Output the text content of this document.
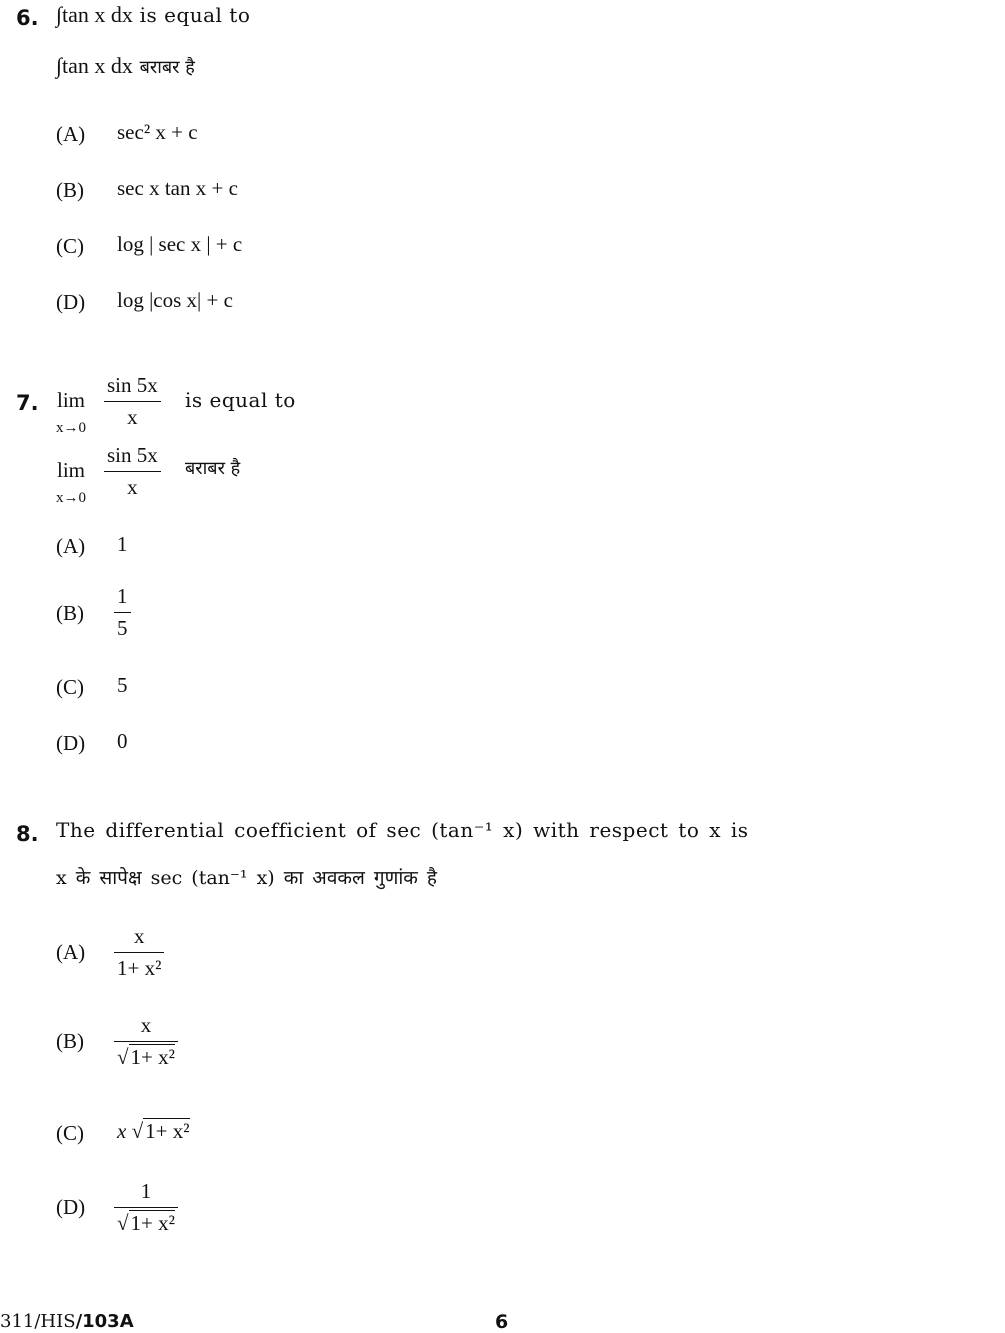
6. ∫tan x dx is equal to
∫tan x dx बराबर है
(A) sec² x + c
(B) sec x tan x + c
(C) log | sec x | + c
(D) log |cos x| + c
7. lim
x→0
sin 5x
x
is equal to
lim
x→0
sin 5x
x
बराबर है
(A) 1
(B)
1
5
(C) 5
(D) 0
8. The differential coefficient of sec (tan⁻¹ x) with respect to x is
x के सापेक्ष sec (tan⁻¹ x) का अवकल गुणांक है
(A)
x
1+ x²
(B)
x
√1+ x²
(C) x √1+ x²
(D)
1
√1+ x²
311/HIS/103A	6
